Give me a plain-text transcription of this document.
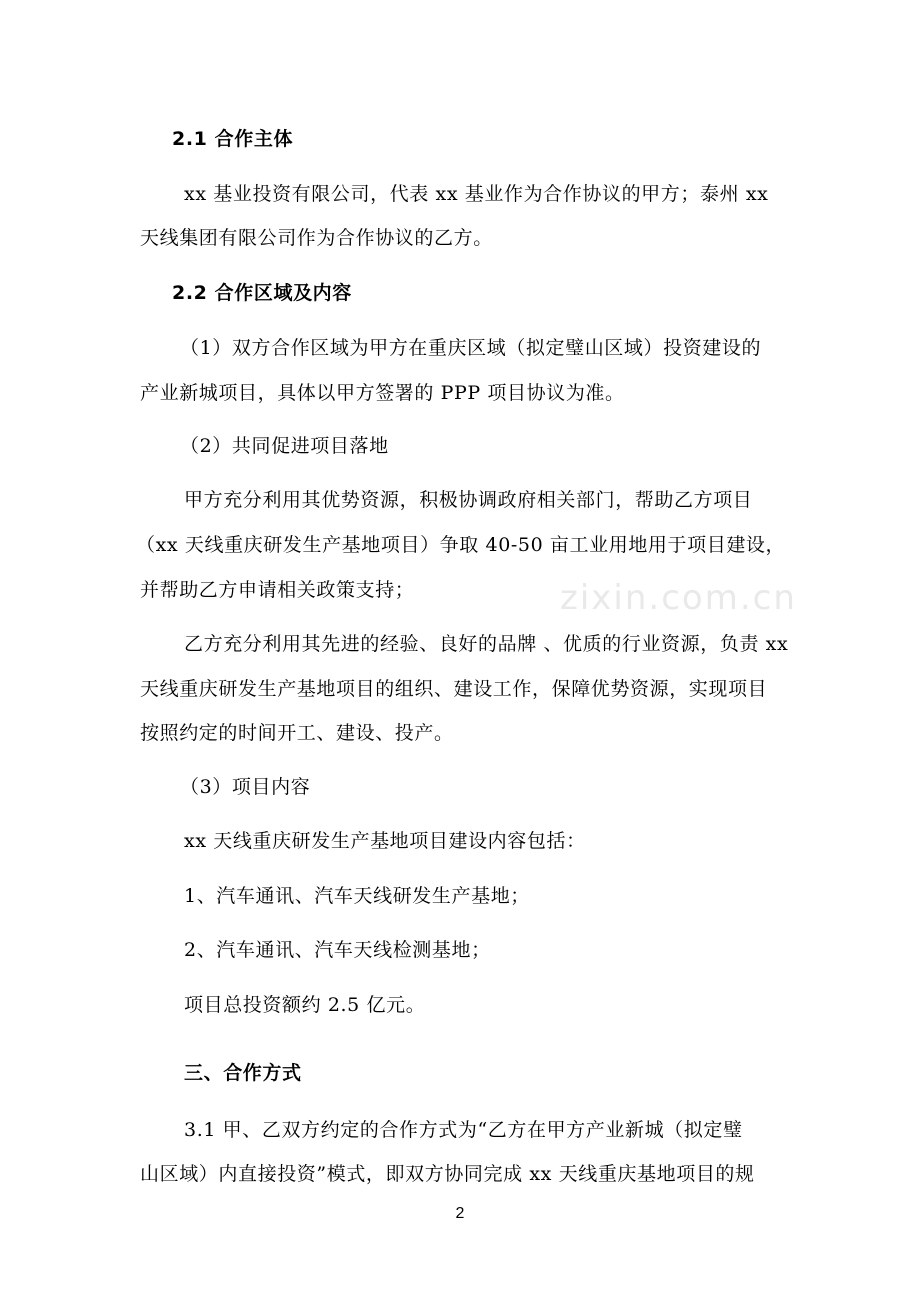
zixin.com.cn
2.1 合作主体
xx 基业投资有限公司，代表 xx 基业作为合作协议的甲方；泰州 xx
天线集团有限公司作为合作协议的乙方。
2.2 合作区域及内容
（1）双方合作区域为甲方在重庆区域（拟定璧山区域）投资建设的
产业新城项目，具体以甲方签署的 PPP 项目协议为准。
（2）共同促进项目落地
甲方充分利用其优势资源，积极协调政府相关部门，帮助乙方项目
（xx 天线重庆研发生产基地项目）争取 40-50 亩工业用地用于项目建设，
并帮助乙方申请相关政策支持；
乙方充分利用其先进的经验、良好的品牌 、优质的行业资源，负责 xx
天线重庆研发生产基地项目的组织、建设工作，保障优势资源，实现项目
按照约定的时间开工、建设、投产。
（3）项目内容
xx 天线重庆研发生产基地项目建设内容包括：
1、汽车通讯、汽车天线研发生产基地；
2、汽车通讯、汽车天线检测基地；
项目总投资额约 2.5 亿元。
三、合作方式
3.1 甲、乙双方约定的合作方式为“乙方在甲方产业新城（拟定璧
山区域）内直接投资”模式，即双方协同完成 xx 天线重庆基地项目的规
2
